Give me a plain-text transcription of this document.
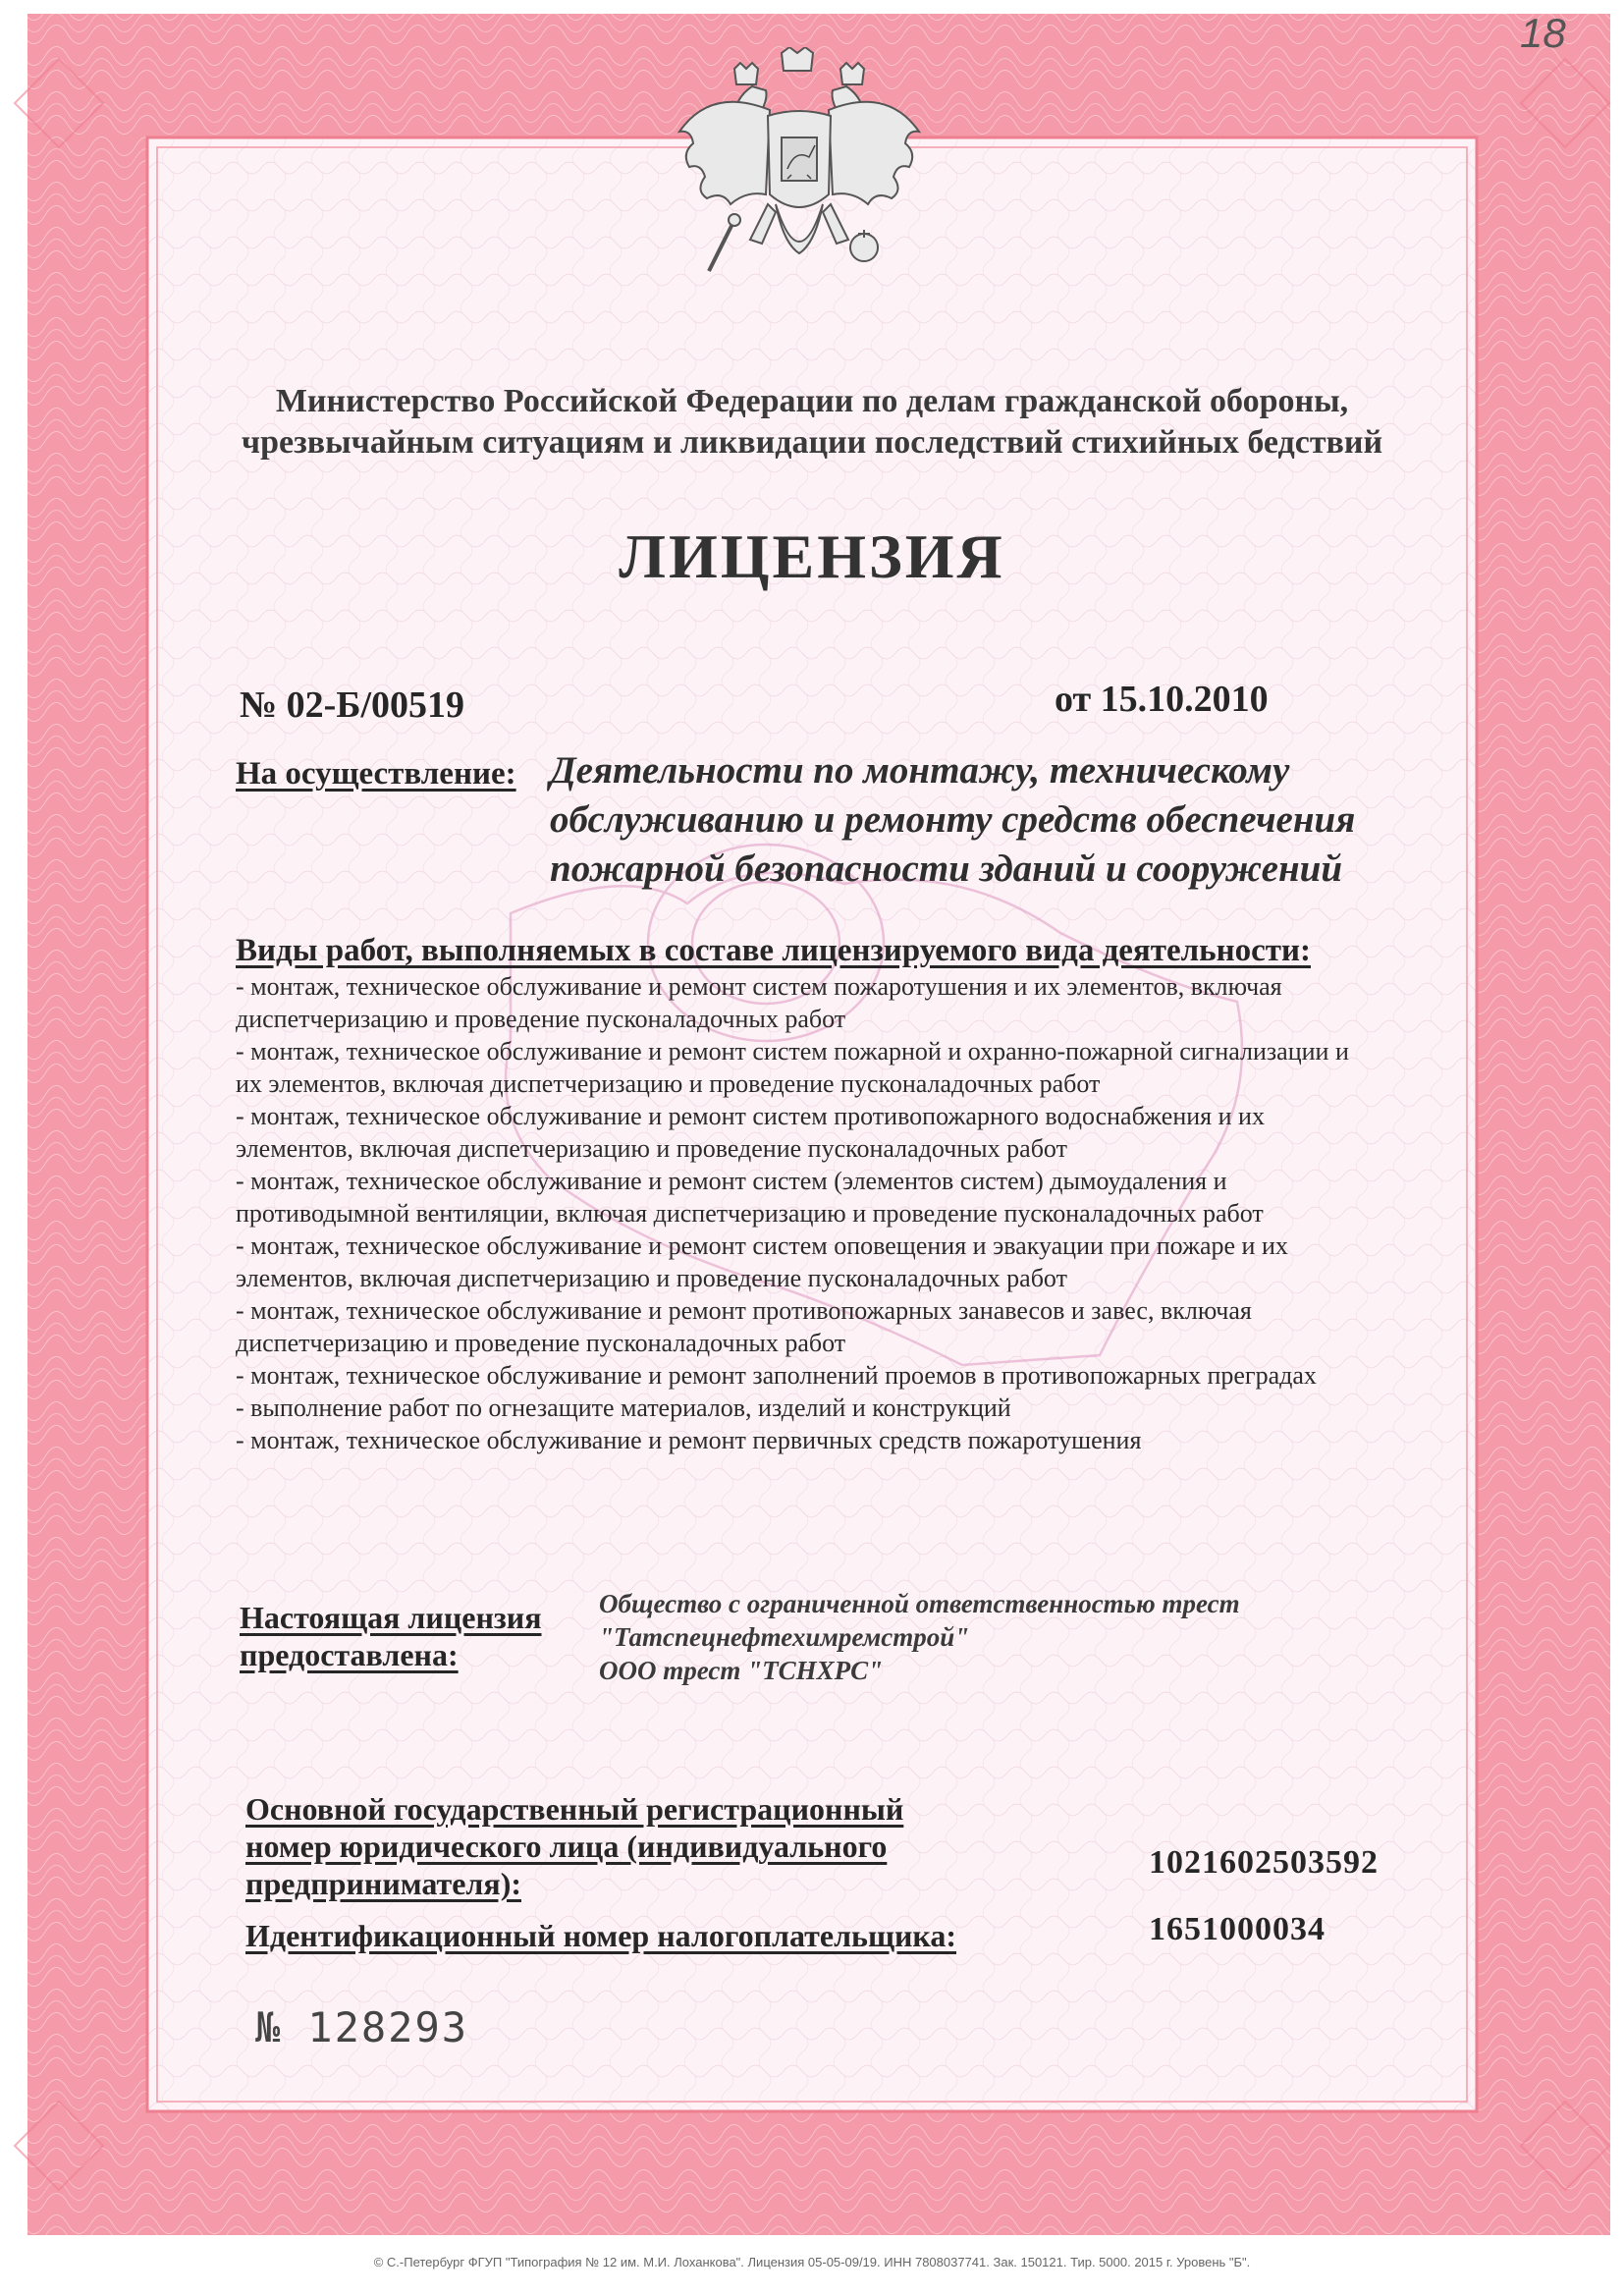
18
Министерство Российской Федерации по делам гражданской обороны,
чрезвычайным ситуациям и ликвидации последствий стихийных бедствий
ЛИЦЕНЗИЯ
№ 02-Б/00519	от 15.10.2010
На осуществление: Деятельности по монтажу, техническому
обслуживанию и ремонту средств обеспечения
пожарной безопасности зданий и сооружений
Виды работ, выполняемых в составе лицензируемого вида деятельности:
- монтаж, техническое обслуживание и ремонт систем пожаротушения и их элементов, включая
диспетчеризацию и проведение пусконаладочных работ
- монтаж, техническое обслуживание и ремонт систем пожарной и охранно-пожарной сигнализации и
их элементов, включая диспетчеризацию и проведение пусконаладочных работ
- монтаж, техническое обслуживание и ремонт систем противопожарного водоснабжения и их
элементов, включая диспетчеризацию и проведение пусконаладочных работ
- монтаж, техническое обслуживание и ремонт систем (элементов систем) дымоудаления и
противодымной вентиляции, включая диспетчеризацию и проведение пусконаладочных работ
- монтаж, техническое обслуживание и ремонт систем оповещения и эвакуации при пожаре и их
элементов, включая диспетчеризацию и проведение пусконаладочных работ
- монтаж, техническое обслуживание и ремонт противопожарных занавесов и завес, включая
диспетчеризацию и проведение пусконаладочных работ
- монтаж, техническое обслуживание и ремонт заполнений проемов в противопожарных преградах
- выполнение работ по огнезащите материалов, изделий и конструкций
- монтаж, техническое обслуживание и ремонт первичных средств пожаротушения
Настоящая лицензия
предоставлена:
Общество с ограниченной ответственностью трест
"Татспецнефтехимремстрой"
ООО трест "ТСНХРС"
Основной государственный регистрационный
номер юридического лица (индивидуального
предпринимателя):
1021602503592
Идентификационный номер налогоплательщика:	1651000034
№ 128293
© С.-Петербург ФГУП "Типография № 12 им. М.И. Лоханкова". Лицензия 05-05-09/19. ИНН 7808037741. Зак. 150121. Тир. 5000. 2015 г. Уровень "Б".
